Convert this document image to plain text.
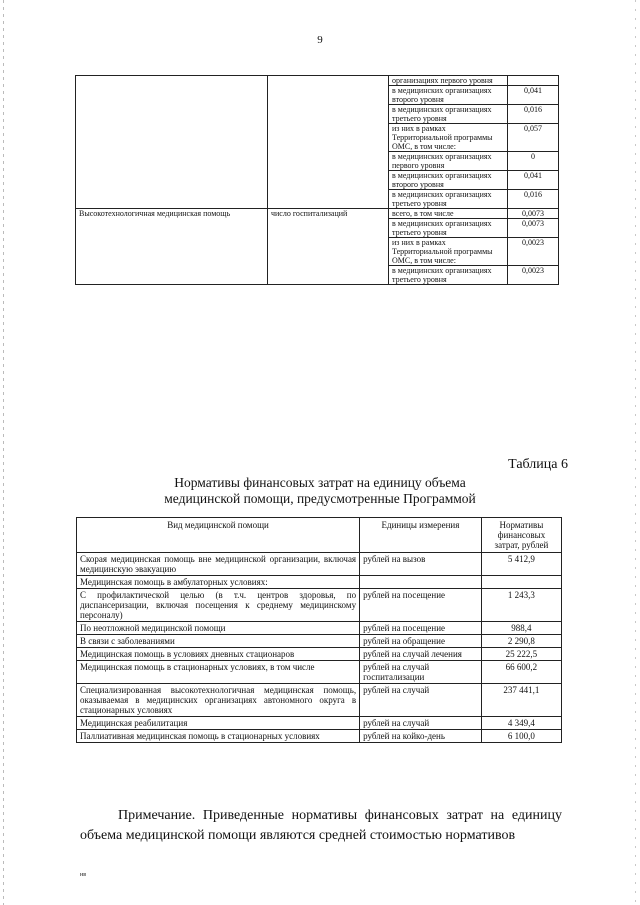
9
		организациях первого уровня	
		в медицинских организациях второго уровня	0,041
		в медицинских организациях третьего уровня	0,016
		из них в рамках Территориальной программы ОМС, в том числе:	0,057
		в медицинских организациях первого уровня	0
		в медицинских организациях второго уровня	0,041
		в медицинских организациях третьего уровня	0,016
Высокотехнологичная медицинская помощь	число госпитализаций	всего, в том числе	0,0073
		в медицинских организациях третьего уровня	0,0073
		из них в рамках Территориальной программы ОМС, в том числе:	0,0023
		в медицинских организациях третьего уровня	0,0023
Таблица 6
Нормативы финансовых затрат на единицу объема
медицинской помощи, предусмотренные Программой
Вид медицинской помощи	Единицы измерения	Нормативы финансовых затрат, рублей
Скорая медицинская помощь вне медицинской организации, включая медицинскую эвакуацию	рублей на вызов	5 412,9
Медицинская помощь в амбулаторных условиях:		
С профилактической целью (в т.ч. центров здоровья, по диспансеризации, включая посещения к среднему медицинскому персоналу)	рублей на посещение	1 243,3
По неотложной медицинской помощи	рублей на посещение	988,4
В связи с заболеваниями	рублей на обращение	2 290,8
Медицинская помощь в условиях дневных стационаров	рублей на случай лечения	25 222,5
Медицинская помощь в стационарных условиях, в том числе	рублей на случай госпитализации	66 600,2
Специализированная высокотехнологичная медицинская помощь, оказываемая в медицинских организациях автономного округа в стационарных условиях	рублей на случай	237 441,1
Медицинская реабилитация	рублей на случай	4 349,4
Паллиативная медицинская помощь в стационарных условиях	рублей на койко-день	6 100,0
Примечание. Приведенные нормативы финансовых затрат на единицу объема медицинской помощи являются средней стоимостью нормативов
нв
